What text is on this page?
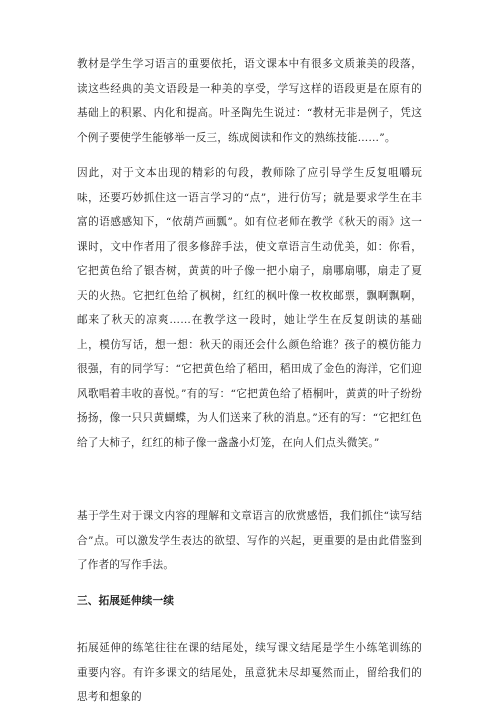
教材是学生学习语言的重要依托，语文课本中有很多文质兼美的段落，读这些经典的美文语段是一种美的享受，学写这样的语段更是在原有的基础上的积累、内化和提高。叶圣陶先生说过：“教材无非是例子，凭这个例子要使学生能够举一反三，练成阅读和作文的熟练技能……”。

因此，对于文本出现的精彩的句段，教师除了应引导学生反复咀嚼玩味，还要巧妙抓住这一语言学习的“点”，进行仿写；就是要求学生在丰富的语感感知下，“依葫芦画瓢”。如有位老师在教学《秋天的雨》这一课时，文中作者用了很多修辞手法，使文章语言生动优美，如：你看，它把黄色给了银杏树，黄黄的叶子像一把小扇子，扇哪扇哪，扇走了夏天的火热。它把红色给了枫树，红红的枫叶像一枚枚邮票，飘啊飘啊，邮来了秋天的凉爽……在教学这一段时，她让学生在反复朗读的基础上，模仿写话，想一想：秋天的雨还会什么颜色给谁？孩子的模仿能力很强，有的同学写：“它把黄色给了稻田，稻田成了金色的海洋，它们迎风歌唱着丰收的喜悦。”有的写：“它把黄色给了梧桐叶，黄黄的叶子纷纷扬扬，像一只只黄蝴蝶，为人们送来了秋的消息。”还有的写：“它把红色给了大柿子，红红的柿子像一盏盏小灯笼，在向人们点头微笑。”

基于学生对于课文内容的理解和文章语言的欣赏感悟，我们抓住“读写结合”点。可以激发学生表达的欲望、写作的兴起，更重要的是由此借鉴到了作者的写作手法。

三、拓展延伸续一续

拓展延伸的练笔往往在课的结尾处，续写课文结尾是学生小练笔训练的重要内容。有许多课文的结尾处，虽意犹未尽却戛然而止，留给我们的思考和想象的
